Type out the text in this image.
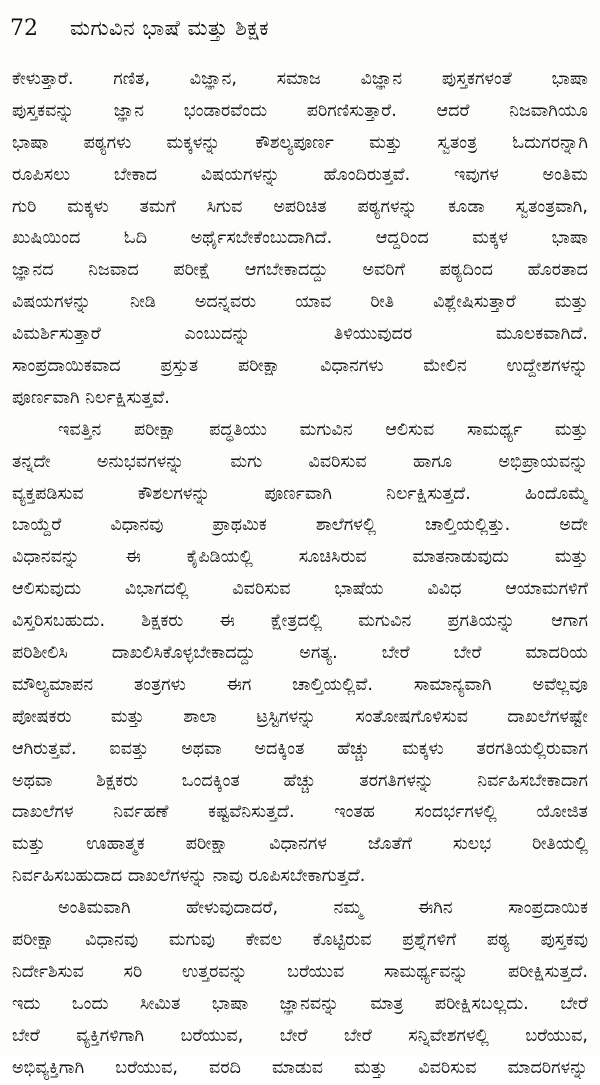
72	ಮಗುವಿನ ಭಾಷೆ ಮತ್ತು ಶಿಕ್ಷಕ
ಕೇಳುತ್ತಾರೆ. ಗಣಿತ, ವಿಜ್ಞಾನ, ಸಮಾಜ ವಿಜ್ಞಾನ ಪುಸ್ತಕಗಳಂತೆ ಭಾಷಾ
ಪುಸ್ತಕವನ್ನು ಜ್ಞಾನ ಭಂಡಾರವೆಂದು ಪರಿಗಣಿಸುತ್ತಾರೆ. ಆದರೆ ನಿಜವಾಗಿಯೂ
ಭಾಷಾ ಪಠ್ಯಗಳು ಮಕ್ಕಳನ್ನು ಕೌಶಲ್ಯಪೂರ್ಣ ಮತ್ತು ಸ್ವತಂತ್ರ ಓದುಗರನ್ನಾಗಿ
ರೂಪಿಸಲು ಬೇಕಾದ ವಿಷಯಗಳನ್ನು ಹೊಂದಿರುತ್ತವೆ. ಇವುಗಳ ಅಂತಿಮ
ಗುರಿ ಮಕ್ಕಳು ತಮಗೆ ಸಿಗುವ ಅಪರಿಚಿತ ಪಠ್ಯಗಳನ್ನು ಕೂಡಾ ಸ್ವತಂತ್ರವಾಗಿ,
ಖುಷಿಯಿಂದ ಓದಿ ಅರ್ಥೈಸಬೇಕೆಂಬುದಾಗಿದೆ. ಆದ್ದರಿಂದ ಮಕ್ಕಳ ಭಾಷಾ
ಜ್ಞಾನದ ನಿಜವಾದ ಪರೀಕ್ಷೆ ಆಗಬೇಕಾದದ್ದು ಅವರಿಗೆ ಪಠ್ಯದಿಂದ ಹೊರತಾದ
ವಿಷಯಗಳನ್ನು ನೀಡಿ ಅದನ್ನವರು ಯಾವ ರೀತಿ ವಿಶ್ಲೇಷಿಸುತ್ತಾರೆ ಮತ್ತು
ವಿಮರ್ಶಿಸುತ್ತಾರೆ ಎಂಬುದನ್ನು ತಿಳಿಯುವುದರ ಮೂಲಕವಾಗಿದೆ.
ಸಾಂಪ್ರದಾಯಿಕವಾದ ಪ್ರಸ್ತುತ ಪರೀಕ್ಷಾ ವಿಧಾನಗಳು ಮೇಲಿನ ಉದ್ದೇಶಗಳನ್ನು
ಪೂರ್ಣವಾಗಿ ನಿರ್ಲಕ್ಷಿಸುತ್ತವೆ.
ಇವತ್ತಿನ ಪರೀಕ್ಷಾ ಪದ್ಧತಿಯು ಮಗುವಿನ ಆಲಿಸುವ ಸಾಮರ್ಥ್ಯ ಮತ್ತು
ತನ್ನದೇ ಅನುಭವಗಳನ್ನು ಮಗು ವಿವರಿಸುವ ಹಾಗೂ ಅಭಿಪ್ರಾಯವನ್ನು
ವ್ಯಕ್ತಪಡಿಸುವ ಕೌಶಲಗಳನ್ನು ಪೂರ್ಣವಾಗಿ ನಿರ್ಲಕ್ಷಿಸುತ್ತದೆ. ಹಿಂದೊಮ್ಮೆ
ಬಾಯ್ದೆರೆ ವಿಧಾನವು ಪ್ರಾಥಮಿಕ ಶಾಲೆಗಳಲ್ಲಿ ಚಾಲ್ತಿಯಲ್ಲಿತ್ತು. ಅದೇ
ವಿಧಾನವನ್ನು ಈ ಕೈಪಿಡಿಯಲ್ಲಿ ಸೂಚಿಸಿರುವ ಮಾತನಾಡುವುದು ಮತ್ತು
ಆಲಿಸುವುದು ವಿಭಾಗದಲ್ಲಿ ವಿವರಿಸುವ ಭಾಷೆಯ ವಿವಿಧ ಆಯಾಮಗಳಿಗೆ
ವಿಸ್ತರಿಸಬಹುದು. ಶಿಕ್ಷಕರು ಈ ಕ್ಷೇತ್ರದಲ್ಲಿ ಮಗುವಿನ ಪ್ರಗತಿಯನ್ನು ಆಗಾಗ
ಪರಿಶೀಲಿಸಿ ದಾಖಲಿಸಿಕೊಳ್ಳಬೇಕಾದದ್ದು ಅಗತ್ಯ. ಬೇರೆ ಬೇರೆ ಮಾದರಿಯ
ಮೌಲ್ಯಮಾಪನ ತಂತ್ರಗಳು ಈಗ ಚಾಲ್ತಿಯಲ್ಲಿವೆ. ಸಾಮಾನ್ಯವಾಗಿ ಅವೆಲ್ಲವೂ
ಪೋಷಕರು ಮತ್ತು ಶಾಲಾ ಟ್ರಸ್ಟಿಗಳನ್ನು ಸಂತೋಷಗೊಳಿಸುವ ದಾಖಲೆಗಳಷ್ಟೇ
ಆಗಿರುತ್ತವೆ. ಐವತ್ತು ಅಥವಾ ಅದಕ್ಕಿಂತ ಹೆಚ್ಚು ಮಕ್ಕಳು ತರಗತಿಯಲ್ಲಿರುವಾಗ
ಅಥವಾ ಶಿಕ್ಷಕರು ಒಂದಕ್ಕಿಂತ ಹೆಚ್ಚು ತರಗತಿಗಳನ್ನು ನಿರ್ವಹಿಸಬೇಕಾದಾಗ
ದಾಖಲೆಗಳ ನಿರ್ವಹಣೆ ಕಷ್ಟವೆನಿಸುತ್ತದೆ. ಇಂತಹ ಸಂದರ್ಭಗಳಲ್ಲಿ ಯೋಜಿತ
ಮತ್ತು ಊಹಾತ್ಮಕ ಪರೀಕ್ಷಾ ವಿಧಾನಗಳ ಜೊತೆಗೆ ಸುಲಭ ರೀತಿಯಲ್ಲಿ
ನಿರ್ವಹಿಸಬಹುದಾದ ದಾಖಲೆಗಳನ್ನು ನಾವು ರೂಪಿಸಬೇಕಾಗುತ್ತದೆ.
ಅಂತಿಮವಾಗಿ ಹೇಳುವುದಾದರೆ, ನಮ್ಮ ಈಗಿನ ಸಾಂಪ್ರದಾಯಿಕ
ಪರೀಕ್ಷಾ ವಿಧಾನವು ಮಗುವು ಕೇವಲ ಕೊಟ್ಟಿರುವ ಪ್ರಶ್ನೆಗಳಿಗೆ ಪಠ್ಯ ಪುಸ್ತಕವು
ನಿರ್ದೇಶಿಸುವ ಸರಿ ಉತ್ತರವನ್ನು ಬರೆಯುವ ಸಾಮರ್ಥ್ಯವನ್ನು ಪರೀಕ್ಷಿಸುತ್ತದೆ.
ಇದು ಒಂದು ಸೀಮಿತ ಭಾಷಾ ಜ್ಞಾನವನ್ನು ಮಾತ್ರ ಪರೀಕ್ಷಿಸಬಲ್ಲದು. ಬೇರೆ
ಬೇರೆ ವ್ಯಕ್ತಿಗಳಿಗಾಗಿ ಬರೆಯುವ, ಬೇರೆ ಬೇರೆ ಸನ್ನಿವೇಶಗಳಲ್ಲಿ ಬರೆಯುವ,
ಅಭಿವ್ಯಕ್ತಿಗಾಗಿ ಬರೆಯುವ, ವರದಿ ಮಾಡುವ ಮತ್ತು ವಿವರಿಸುವ ಮಾದರಿಗಳನ್ನು
